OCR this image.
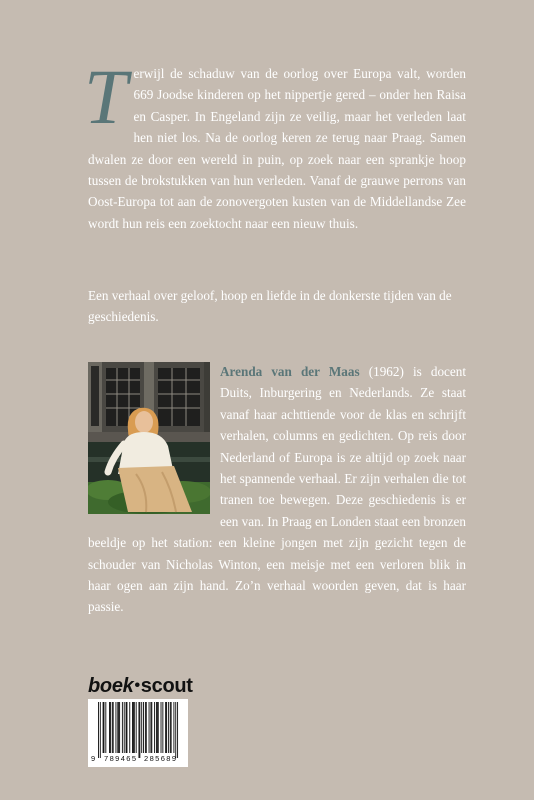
Terwijl de schaduw van de oorlog over Europa valt, worden 669 Joodse kinderen op het nippertje gered – onder hen Raisa en Casper. In Engeland zijn ze veilig, maar het verleden laat hen niet los. Na de oorlog keren ze terug naar Praag. Samen dwalen ze door een wereld in puin, op zoek naar een sprankje hoop tussen de brokstukken van hun verleden. Vanaf de grauwe perrons van Oost-Europa tot aan de zonovergoten kusten van de Middellandse Zee wordt hun reis een zoektocht naar een nieuw thuis.
Een verhaal over geloof, hoop en liefde in de donkerste tijden van de geschiedenis.
Arenda van der Maas (1962) is docent Duits, Inburgering en Nederlands. Ze staat vanaf haar achttiende voor de klas en schrijft verhalen, columns en gedichten. Op reis door Nederland of Europa is ze altijd op zoek naar het spannende verhaal. Er zijn verhalen die tot tranen toe bewegen. Deze geschiedenis is er een van. In Praag en Londen staat een bronzen beeldje op het station: een kleine jongen met zijn gezicht tegen de schouder van Nicholas Winton, een meisje met een verloren blik in haar ogen aan zijn hand. Zo’n verhaal woorden geven, dat is haar passie.
boek•scout
9 789465 285689
